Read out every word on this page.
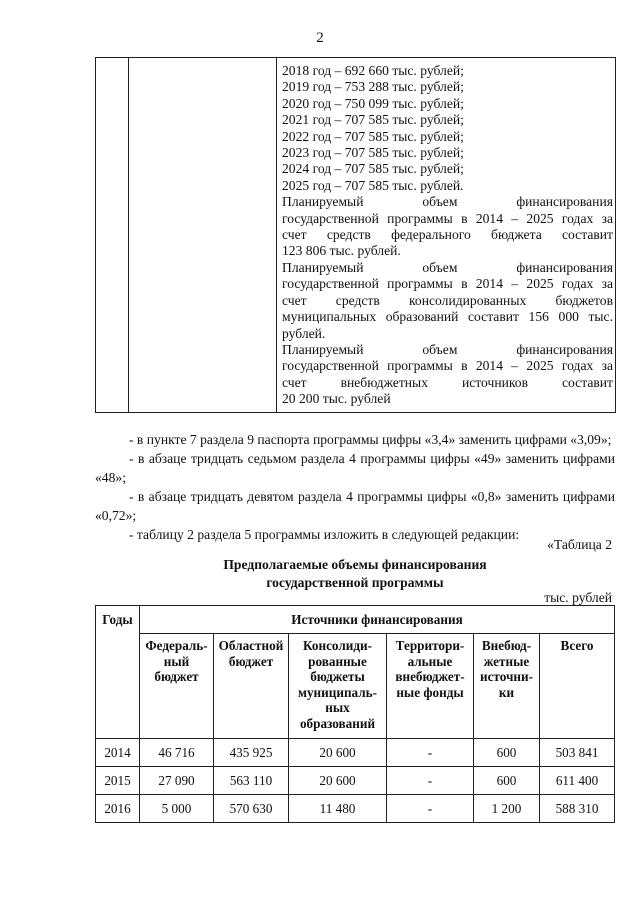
2

2018 год – 692 660 тыс. рублей;
2019 год – 753 288 тыс. рублей;
2020 год – 750 099 тыс. рублей;
2021 год – 707 585 тыс. рублей;
2022 год – 707 585 тыс. рублей;
2023 год – 707 585 тыс. рублей;
2024 год – 707 585 тыс. рублей;
2025 год – 707 585 тыс. рублей.
Планируемый объем финансирования
государственной программы в 2014 – 2025 годах за
счет средств федерального бюджета составит
123 806 тыс. рублей.
Планируемый объем финансирования
государственной программы в 2014 – 2025 годах за
счет средств консолидированных бюджетов
муниципальных образований составит 156 000 тыс.
рублей.
Планируемый объем финансирования
государственной программы в 2014 – 2025 годах за
счет внебюджетных источников составит
20 200 тыс. рублей

- в пункте 7 раздела 9 паспорта программы цифры «3,4» заменить цифрами «3,09»;

- в абзаце тридцать седьмом раздела 4 программы цифры «49» заменить цифрами «48»;

- в абзаце тридцать девятом раздела 4 программы цифры «0,8» заменить цифрами «0,72»;

- таблицу 2 раздела 5 программы изложить в следующей редакции:

«Таблица 2
Предполагаемые объемы финансирования
государственной программы
тыс. рублей
Годы	Источники финансирования					
	Федераль-ный бюджет	Областной бюджет	Консолиди-рованные бюджеты муниципаль-ных образований	Территори-альные внебюджет-ные фонды	Внебюд-жетные источни-ки	Всего
2014	46 716	435 925	20 600	-	600	503 841
2015	27 090	563 110	20 600	-	600	611 400
2016	5 000	570 630	11 480	-	1 200	588 310
